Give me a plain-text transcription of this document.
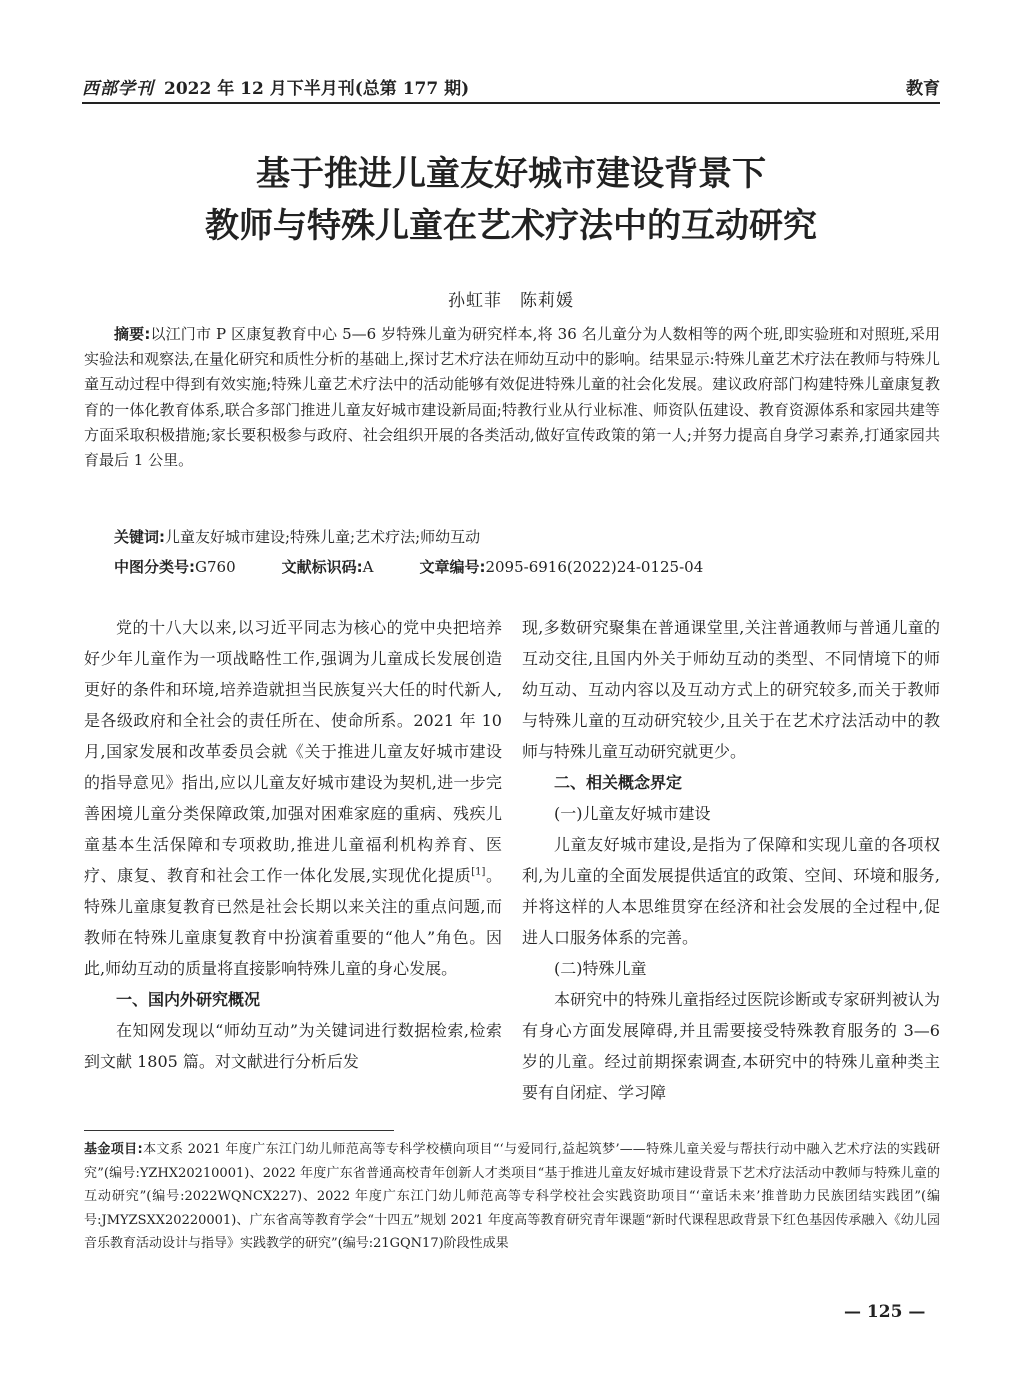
西部学刊 2022 年 12 月下半月刊(总第 177 期)	教育
基于推进儿童友好城市建设背景下
教师与特殊儿童在艺术疗法中的互动研究
孙虹菲　陈莉媛
摘要:以江门市 P 区康复教育中心 5—6 岁特殊儿童为研究样本,将 36 名儿童分为人数相等的两个班,即实验班和对照班,采用实验法和观察法,在量化研究和质性分析的基础上,探讨艺术疗法在师幼互动中的影响。结果显示:特殊儿童艺术疗法在教师与特殊儿童互动过程中得到有效实施;特殊儿童艺术疗法中的活动能够有效促进特殊儿童的社会化发展。建议政府部门构建特殊儿童康复教育的一体化教育体系,联合多部门推进儿童友好城市建设新局面;特教行业从行业标准、师资队伍建设、教育资源体系和家园共建等方面采取积极措施;家长要积极参与政府、社会组织开展的各类活动,做好宣传政策的第一人;并努力提高自身学习素养,打通家园共育最后 1 公里。
关键词:儿童友好城市建设;特殊儿童;艺术疗法;师幼互动
中图分类号:G760	文献标识码:A	文章编号:2095-6916(2022)24-0125-04

党的十八大以来,以习近平同志为核心的党中央把培养好少年儿童作为一项战略性工作,强调为儿童成长发展创造更好的条件和环境,培养造就担当民族复兴大任的时代新人,是各级政府和全社会的责任所在、使命所系。2021 年 10 月,国家发展和改革委员会就《关于推进儿童友好城市建设的指导意见》指出,应以儿童友好城市建设为契机,进一步完善困境儿童分类保障政策,加强对困难家庭的重病、残疾儿童基本生活保障和专项救助,推进儿童福利机构养育、医疗、康复、教育和社会工作一体化发展,实现优化提质[1]。特殊儿童康复教育已然是社会长期以来关注的重点问题,而教师在特殊儿童康复教育中扮演着重要的“他人”角色。因此,师幼互动的质量将直接影响特殊儿童的身心发展。

一、国内外研究概况

在知网发现以“师幼互动”为关键词进行数据检索,检索到文献 1805 篇。对文献进行分析后发

现,多数研究聚集在普通课堂里,关注普通教师与普通儿童的互动交往,且国内外关于师幼互动的类型、不同情境下的师幼互动、互动内容以及互动方式上的研究较多,而关于教师与特殊儿童的互动研究较少,且关于在艺术疗法活动中的教师与特殊儿童互动研究就更少。

二、相关概念界定
(一)儿童友好城市建设

儿童友好城市建设,是指为了保障和实现儿童的各项权利,为儿童的全面发展提供适宜的政策、空间、环境和服务,并将这样的人本思维贯穿在经济和社会发展的全过程中,促进人口服务体系的完善。

(二)特殊儿童

本研究中的特殊儿童指经过医院诊断或专家研判被认为有身心方面发展障碍,并且需要接受特殊教育服务的 3—6 岁的儿童。经过前期探索调查,本研究中的特殊儿童种类主要有自闭症、学习障

基金项目:本文系 2021 年度广东江门幼儿师范高等专科学校横向项目“‘与爱同行,益起筑梦’——特殊儿童关爱与帮扶行动中融入艺术疗法的实践研究”(编号:YZHX20210001)、2022 年度广东省普通高校青年创新人才类项目“基于推进儿童友好城市建设背景下艺术疗法活动中教师与特殊儿童的互动研究”(编号:2022WQNCX227)、2022 年度广东江门幼儿师范高等专科学校社会实践资助项目“‘童话未来’推普助力民族团结实践团”(编号:JMYZSXX20220001)、广东省高等教育学会“十四五”规划 2021 年度高等教育研究青年课题“新时代课程思政背景下红色基因传承融入《幼儿园音乐教育活动设计与指导》实践教学的研究”(编号:21GQN17)阶段性成果
— 125 —
